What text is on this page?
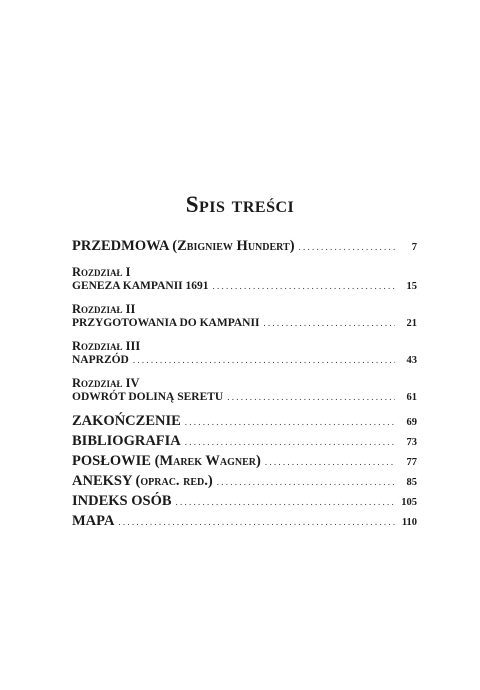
Spis treści
PRZEDMOWA (Zbigniew Hundert) . . .	7
Rozdział I
GENEZA KAMPANII 1691 . . .	15
Rozdział II
PRZYGOTOWANIA DO KAMPANII . . .	21
Rozdział III
NAPRZÓD . . .	43
Rozdział IV
ODWRÓT DOLINĄ SERETU . . .	61
ZAKOŃCZENIE . . .	69
BIBLIOGRAFIA . . .	73
POSŁOWIE (Marek Wagner) . . .	77
ANEKSY (oprac. red.) . . .	85
INDEKS OSÓB . . .	105
MAPA . . .	110
